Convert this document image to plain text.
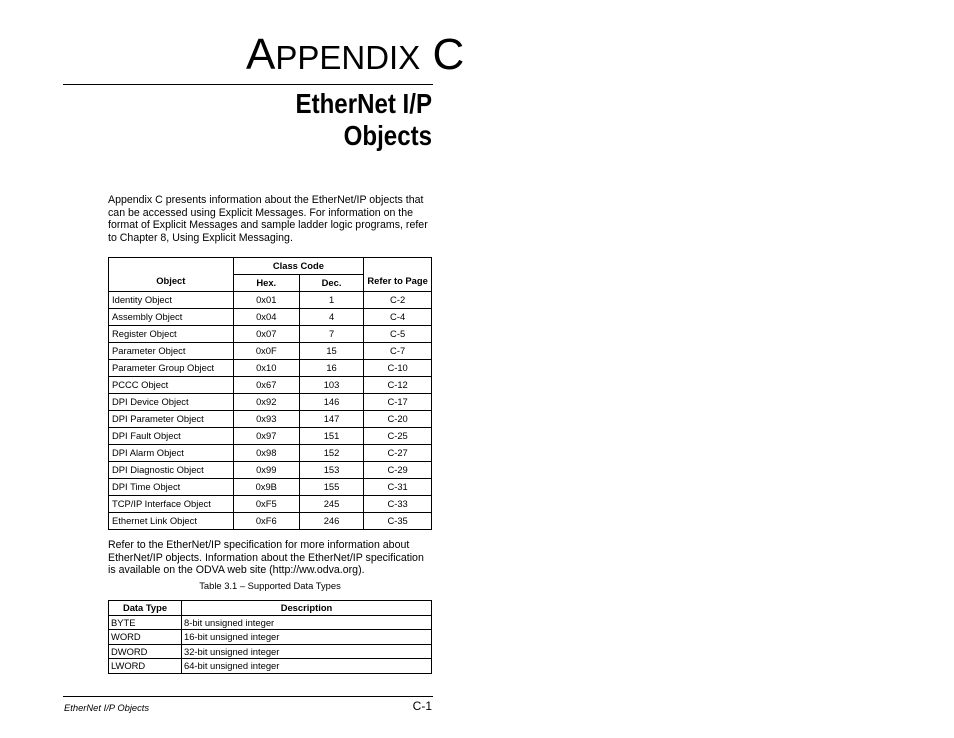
APPENDIX C
EtherNet I/P
Objects
Appendix C presents information about the EtherNet/IP objects that can be accessed using Explicit Messages. For information on the format of Explicit Messages and sample ladder logic programs, refer to Chapter 8, Using Explicit Messaging.
Object	Class Code		Refer to Page
	Hex.	Dec.	
Identity Object	0x01	1	C-2
Assembly Object	0x04	4	C-4
Register Object	0x07	7	C-5
Parameter Object	0x0F	15	C-7
Parameter Group Object	0x10	16	C-10
PCCC Object	0x67	103	C-12
DPI Device Object	0x92	146	C-17
DPI Parameter Object	0x93	147	C-20
DPI Fault Object	0x97	151	C-25
DPI Alarm Object	0x98	152	C-27
DPI Diagnostic Object	0x99	153	C-29
DPI Time Object	0x9B	155	C-31
TCP/IP Interface Object	0xF5	245	C-33
Ethernet Link Object	0xF6	246	C-35
Refer to the EtherNet/IP specification for more information about EtherNet/IP objects. Information about the EtherNet/IP specification is available on the ODVA web site (http://ww.odva.org).
Table 3.1 – Supported Data Types
Data Type	Description
BYTE	8-bit unsigned integer
WORD	16-bit unsigned integer
DWORD	32-bit unsigned integer
LWORD	64-bit unsigned integer
EtherNet I/P Objects	C-1
